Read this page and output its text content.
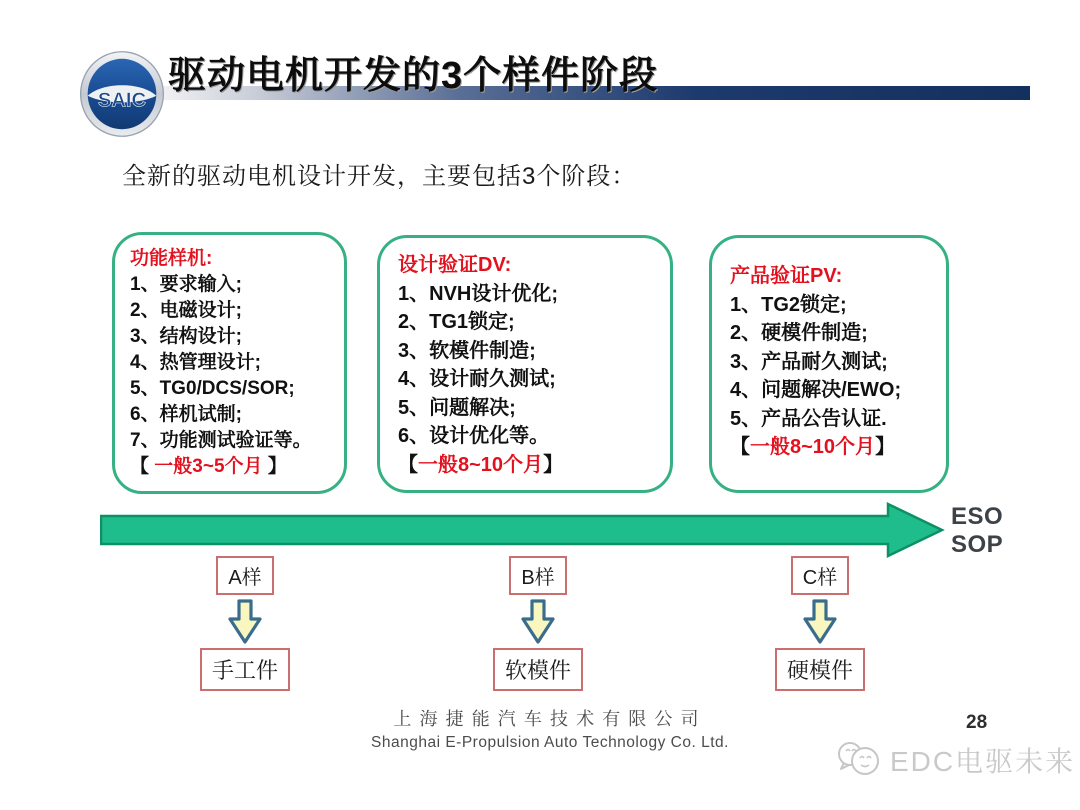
SAIC
驱动电机开发的3个样件阶段
全新的驱动电机设计开发，主要包括3个阶段：
功能样机:
1、要求输入;
2、电磁设计;
3、结构设计;
4、热管理设计;
5、TG0/DCS/SOR;
6、样机试制;
7、功能测试验证等。
【 一般3~5个月 】
设计验证DV:
1、NVH设计优化;
2、TG1锁定;
3、软模件制造;
4、设计耐久测试;
5、问题解决;
6、设计优化等。
【一般8~10个月】
产品验证PV:
1、TG2锁定;
2、硬模件制造;
3、产品耐久测试;
4、问题解决/EWO;
5、产品公告认证.
【一般8~10个月】
ESO
SOP
A样
手工件
B样
软模件
C样
硬模件
上海捷能汽车技术有限公司
Shanghai E-Propulsion Auto Technology Co. Ltd.
28
EDC电驱未来
